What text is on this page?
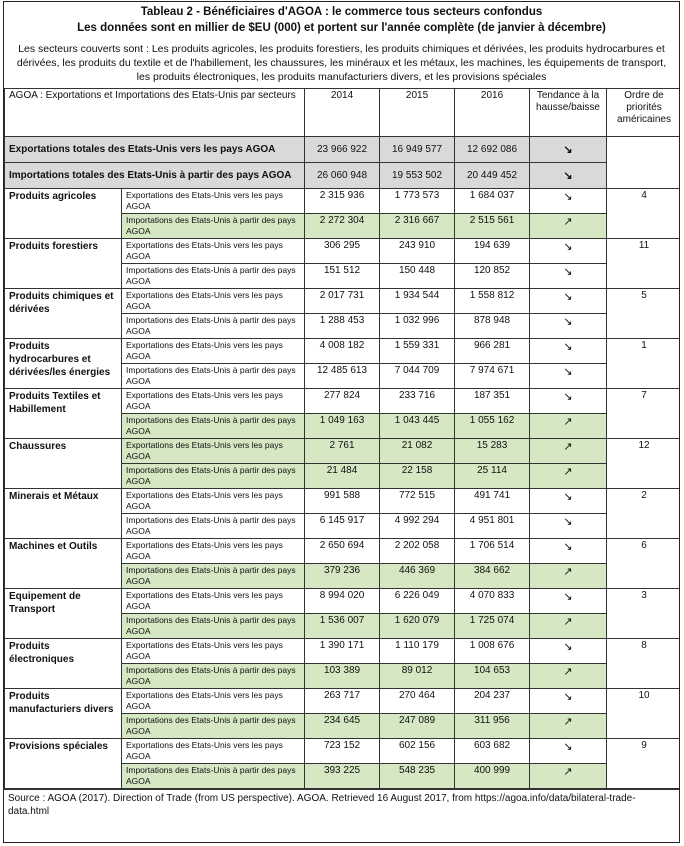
Tableau 2 - Bénéficiaires d'AGOA : le commerce tous secteurs confondus
Les données sont en millier de $EU (000) et portent sur l'année complète (de janvier à décembre)
Les secteurs couverts sont : Les produits agricoles, les produits forestiers, les produits chimiques et dérivées, les produits hydrocarbures et dérivées, les produits du textile et de l'habillement, les chaussures, les minéraux et les métaux, les machines, les équipements de transport, les produits électroniques, les produits manufacturiers divers, et les provisions spéciales
AGOA : Exportations et Importations des Etats-Unis par secteurs		2014	2015	2016	Tendance à la hausse/baisse	Ordre de priorités américaines
Exportations totales des Etats-Unis vers les pays AGOA		23 966 922	16 949 577	12 692 086	↘	
Importations totales des Etats-Unis à partir des pays AGOA		26 060 948	19 553 502	20 449 452	↘	
Produits agricoles	Exportations des Etats-Unis vers les pays AGOA	2 315 936	1 773 573	1 684 037	↘	4
	Importations des Etats-Unis à partir des pays AGOA	2 272 304	2 316 667	2 515 561	↗	
Produits forestiers	Exportations des Etats-Unis vers les pays AGOA	306 295	243 910	194 639	↘	11
	Importations des Etats-Unis à partir des pays AGOA	151 512	150 448	120 852	↘	
Produits chimiques et dérivées	Exportations des Etats-Unis vers les pays AGOA	2 017 731	1 934 544	1 558 812	↘	5
	Importations des Etats-Unis à partir des pays AGOA	1 288 453	1 032 996	878 948	↘	
Produits hydrocarbures et dérivées/les énergies	Exportations des Etats-Unis vers les pays AGOA	4 008 182	1 559 331	966 281	↘	1
	Importations des Etats-Unis à partir des pays AGOA	12 485 613	7 044 709	7 974 671	↘	
Produits Textiles et Habillement	Exportations des Etats-Unis vers les pays AGOA	277 824	233 716	187 351	↘	7
	Importations des Etats-Unis à partir des pays AGOA	1 049 163	1 043 445	1 055 162	↗	
Chaussures	Exportations des Etats-Unis vers les pays AGOA	2 761	21 082	15 283	↗	12
	Importations des Etats-Unis à partir des pays AGOA	21 484	22 158	25 114	↗	
Minerais et Métaux	Exportations des Etats-Unis vers les pays AGOA	991 588	772 515	491 741	↘	2
	Importations des Etats-Unis à partir des pays AGOA	6 145 917	4 992 294	4 951 801	↘	
Machines et Outils	Exportations des Etats-Unis vers les pays AGOA	2 650 694	2 202 058	1 706 514	↘	6
	Importations des Etats-Unis à partir des pays AGOA	379 236	446 369	384 662	↗	
Equipement de Transport	Exportations des Etats-Unis vers les pays AGOA	8 994 020	6 226 049	4 070 833	↘	3
	Importations des Etats-Unis à partir des pays AGOA	1 536 007	1 620 079	1 725 074	↗	
Produits électroniques	Exportations des Etats-Unis vers les pays AGOA	1 390 171	1 110 179	1 008 676	↘	8
	Importations des Etats-Unis à partir des pays AGOA	103 389	89 012	104 653	↗	
Produits manufacturiers divers	Exportations des Etats-Unis vers les pays AGOA	263 717	270 464	204 237	↘	10
	Importations des Etats-Unis à partir des pays AGOA	234 645	247 089	311 956	↗	
Provisions spéciales	Exportations des Etats-Unis vers les pays AGOA	723 152	602 156	603 682	↘	9
	Importations des Etats-Unis à partir des pays AGOA	393 225	548 235	400 999	↗	
Source : AGOA (2017). Direction of Trade (from US perspective). AGOA. Retrieved 16 August 2017, from https://agoa.info/data/bilateral-trade-data.html
